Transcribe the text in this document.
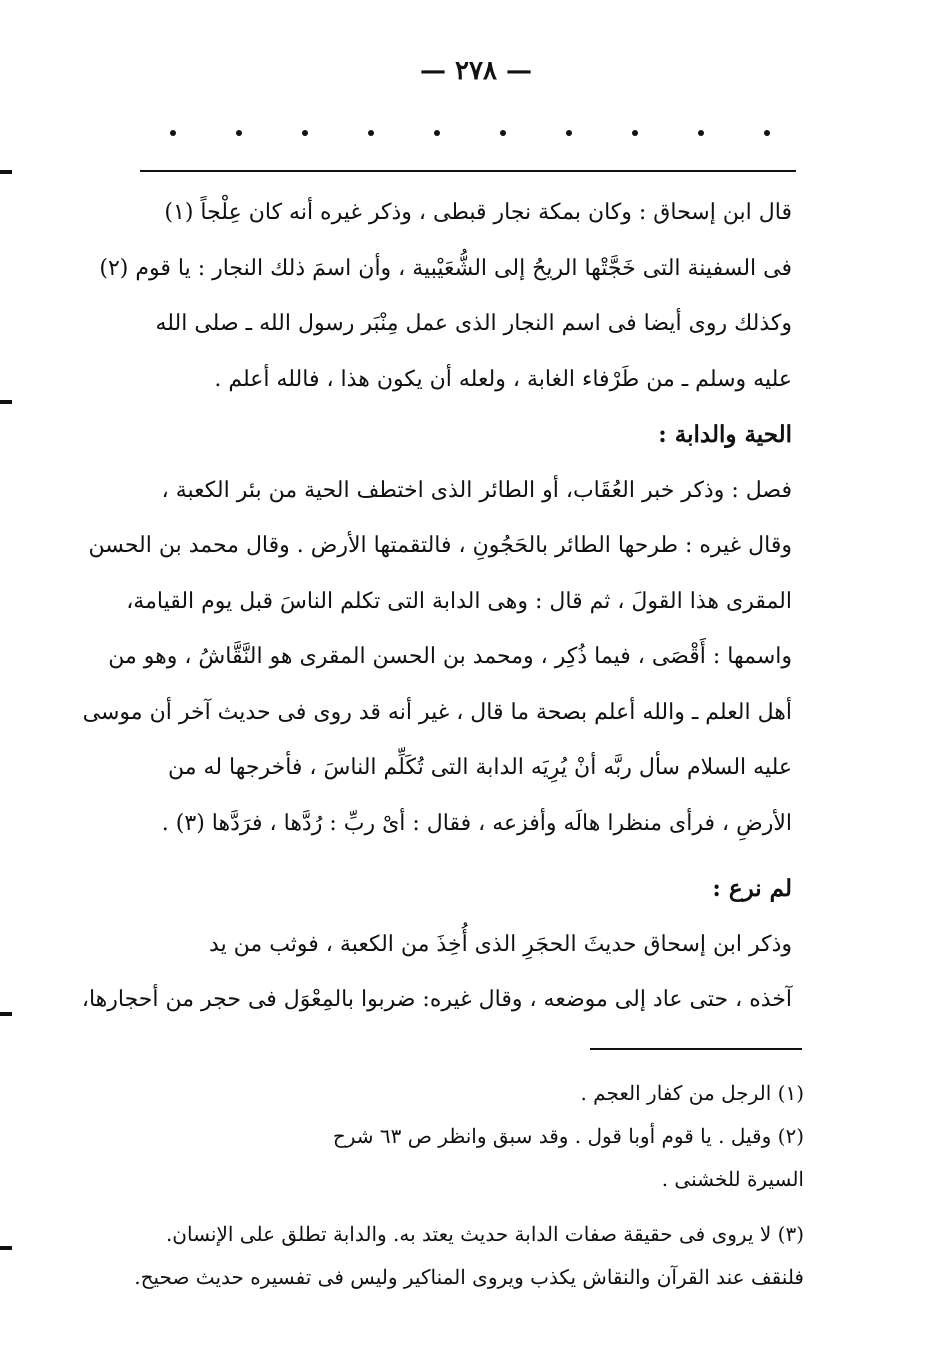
— ٢٧٨ —
قال ابن إسحاق : وكان بمكة نجار قبطى ، وذكر غيره أنه كان عِلْجاً (١)
فى السفينة التى خَجَّتْها الريحُ إلى الشُّعَيْبية ، وأن اسمَ ذلك النجار : يا قوم (٢)
وكذلك روى أيضا فى اسم النجار الذى عمل مِنْبَر رسول الله ـ صلى الله
عليه وسلم ـ من طَرْفاء الغابة ، ولعله أن يكون هذا ، فالله أعلم .
الحية والدابة :
فصل : وذكر خبر العُقَاب، أو الطائر الذى اختطف الحية من بئر الكعبة ،
وقال غيره : طرحها الطائر بالحَجُونِ ، فالتقمتها الأرض . وقال محمد بن الحسن
المقرى هذا القولَ ، ثم قال : وهى الدابة التى تكلم الناسَ قبل يوم القيامة،
واسمها : أَقْصَى ، فيما ذُكِر ، ومحمد بن الحسن المقرى هو النَّقَّاشُ ، وهو من
أهل العلم ـ والله أعلم بصحة ما قال ، غير أنه قد روى فى حديث آخر أن موسى
عليه السلام سأل ربَّه أنْ يُرِيَه الدابة التى تُكَلِّم الناسَ ، فأخرجها له من
الأرضِ ، فرأى منظرا هالَه وأفزعه ، فقال : أىْ ربِّ : رُدَّها ، فرَدَّها (٣) .
لم نرع :
وذكر ابن إسحاق حديثَ الحجَرِ الذى أُخِذَ من الكعبة ، فوثب من يد
آخذه ، حتى عاد إلى موضعه ، وقال غيره: ضربوا بالمِعْوَل فى حجر من أحجارها،
(١) الرجل من كفار العجم .
(٢) وقيل . يا قوم أوبا قول . وقد سبق وانظر ص ٦٣ شرح
السيرة للخشنى .
(٣) لا يروى فى حقيقة صفات الدابة حديث يعتد به. والدابة تطلق على الإنسان.
فلنقف عند القرآن والنقاش يكذب ويروى المناكير وليس فى تفسيره حديث صحيح.
